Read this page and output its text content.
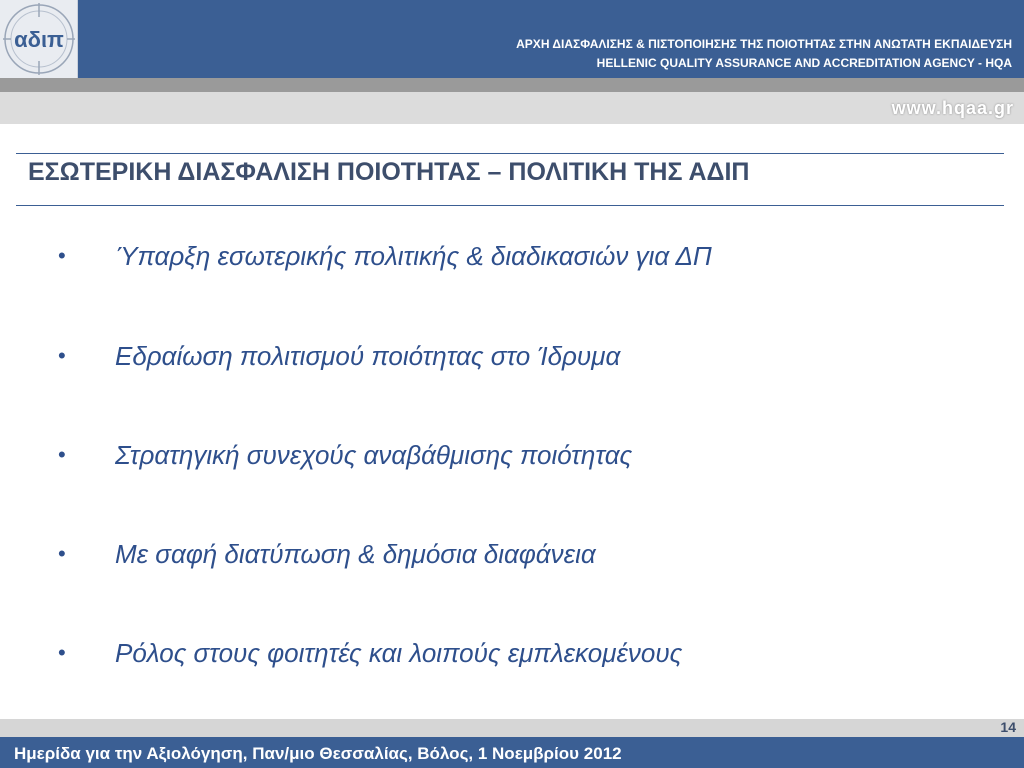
αδιπ	ΑΡΧΗ ΔΙΑΣΦΑΛΙΣΗΣ & ΠΙΣΤΟΠΟΙΗΣΗΣ ΤΗΣ ΠΟΙΟΤΗΤΑΣ ΣΤΗΝ ΑΝΩΤΑΤΗ ΕΚΠΑΙΔΕΥΣΗ
HELLENIC QUALITY ASSURANCE AND ACCREDITATION AGENCY - HQA
www.hqaa.gr
ΕΣΩΤΕΡΙΚΗ ΔΙΑΣΦΑΛΙΣΗ ΠΟΙΟΤΗΤΑΣ – ΠΟΛΙΤΙΚΗ ΤΗΣ ΑΔΙΠ
• Ύπαρξη εσωτερικής πολιτικής & διαδικασιών για ΔΠ
• Εδραίωση πολιτισμού ποιότητας στο Ίδρυμα
• Στρατηγική συνεχούς αναβάθμισης ποιότητας
• Με σαφή διατύπωση & δημόσια διαφάνεια
• Ρόλος στους φοιτητές και λοιπούς εμπλεκομένους
14
Ημερίδα για την Αξιολόγηση, Παν/μιο Θεσσαλίας, Βόλος, 1 Νοεμβρίου 2012
